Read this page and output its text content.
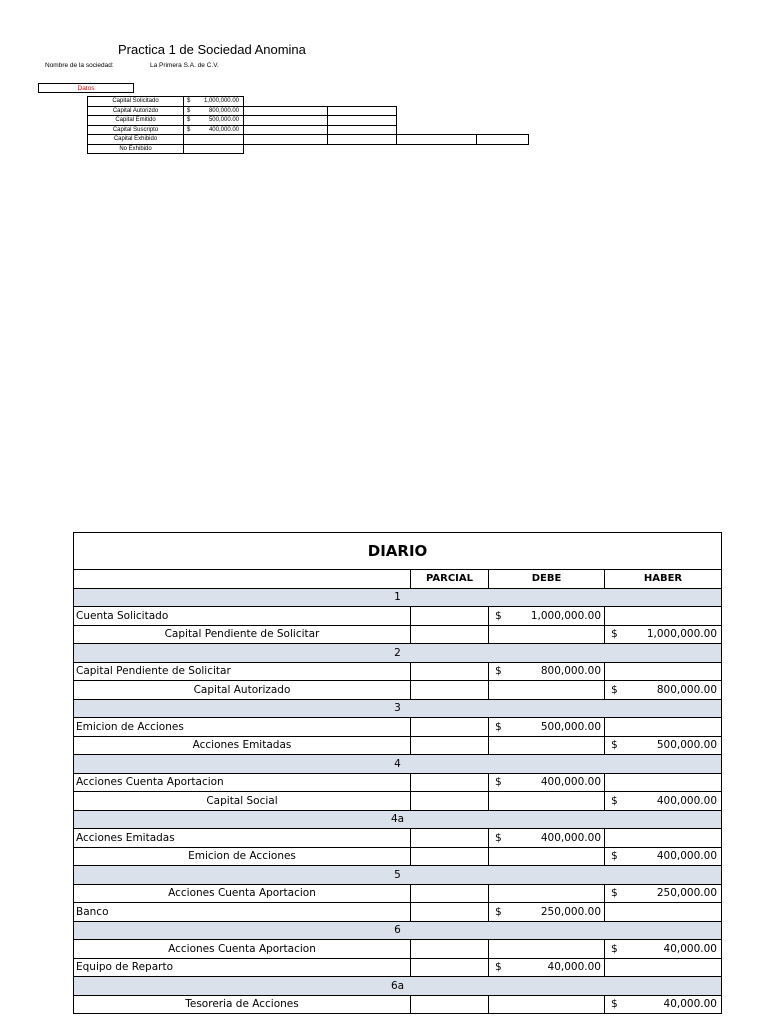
Practica 1 de Sociedad Anomina
Nombre de la sociedad:	La Primera S.A. de C.V.
Datos
Capital Solicitado	$ 1,000,000.00				
Capital Autorizdo	$ 800,000.00				
Capital Emitido	$ 500,000.00				
Capital Suscripto	$ 400,000.00				
Capital Exhibido					
No Exhibido					
DIARIO			
	PARCIAL	DEBE	HABER
1			
Cuenta Solicitado		$ 1,000,000.00	
Capital Pendiente de Solicitar			$ 1,000,000.00
2			
Capital Pendiente de Solicitar		$ 800,000.00	
Capital Autorizado			$ 800,000.00
3			
Emicion de Acciones		$ 500,000.00	
Acciones Emitadas			$ 500,000.00
4			
Acciones Cuenta Aportacion		$ 400,000.00	
Capital Social			$ 400,000.00
4a			
Acciones Emitadas		$ 400,000.00	
Emicion de Acciones			$ 400,000.00
5			
Acciones Cuenta Aportacion			$ 250,000.00
Banco		$ 250,000.00	
6			
Acciones Cuenta Aportacion			$ 40,000.00
Equipo de Reparto		$ 40,000.00	
6a			
Tesoreria de Acciones			$ 40,000.00
